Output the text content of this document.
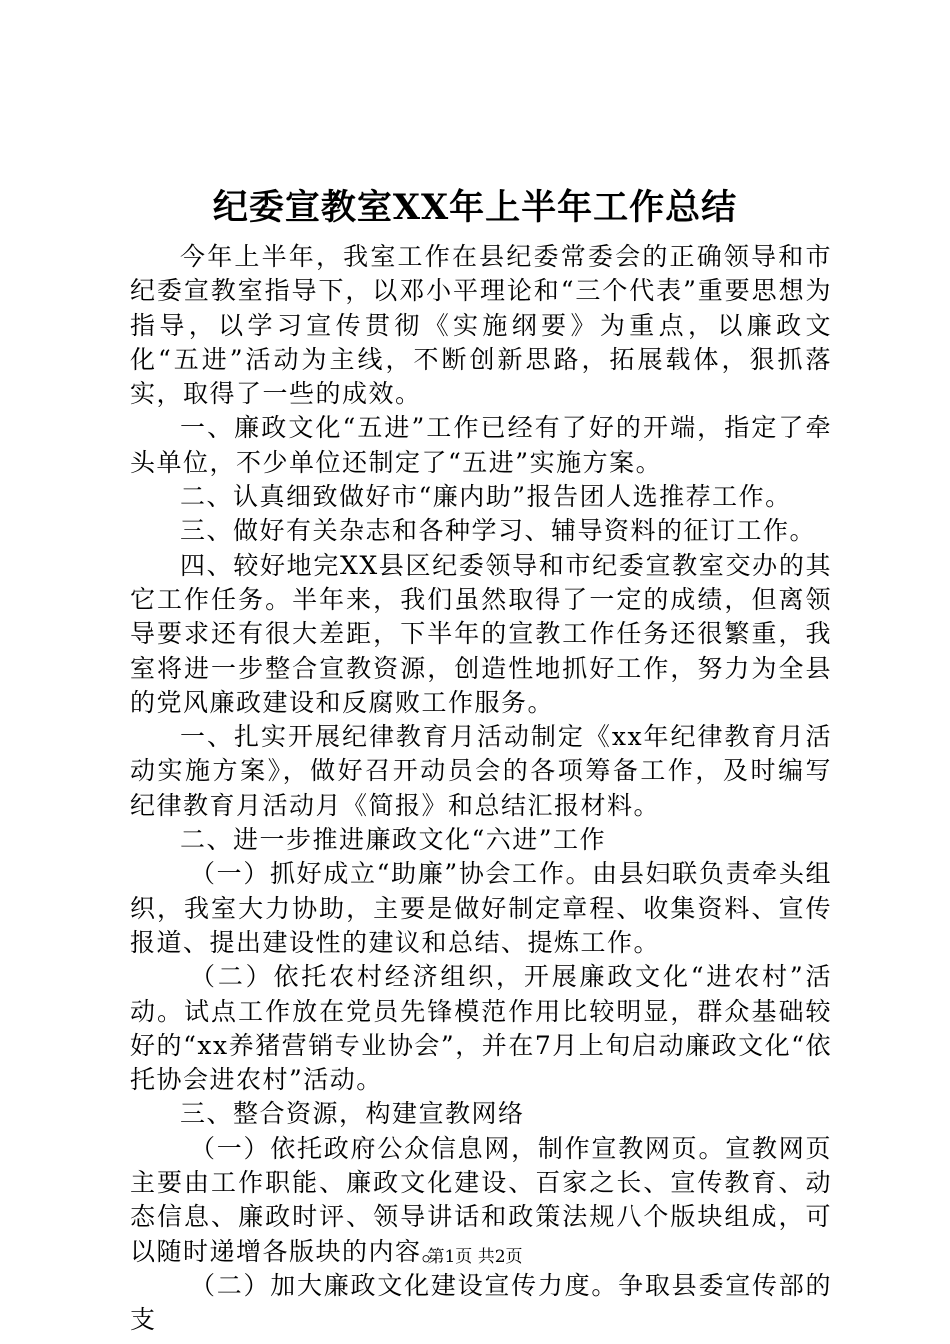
纪委宣教室XX年上半年工作总结

今年上半年，我室工作在县纪委常委会的正确领导和市纪委宣教室指导下，以邓小平理论和“三个代表”重要思想为指导，以学习宣传贯彻《实施纲要》为重点，以廉政文化“五进”活动为主线，不断创新思路，拓展载体，狠抓落实，取得了一些的成效。

一、廉政文化“五进”工作已经有了好的开端，指定了牵头单位，不少单位还制定了“五进”实施方案。

二、认真细致做好市“廉内助”报告团人选推荐工作。

三、做好有关杂志和各种学习、辅导资料的征订工作。

四、较好地完XX县区纪委领导和市纪委宣教室交办的其它工作任务。半年来，我们虽然取得了一定的成绩，但离领导要求还有很大差距，下半年的宣教工作任务还很繁重，我室将进一步整合宣教资源，创造性地抓好工作，努力为全县的党风廉政建设和反腐败工作服务。

一、扎实开展纪律教育月活动制定《xx年纪律教育月活动实施方案》，做好召开动员会的各项筹备工作，及时编写纪律教育月活动月《简报》和总结汇报材料。

二、进一步推进廉政文化“六进”工作

（一）抓好成立“助廉”协会工作。由县妇联负责牵头组织，我室大力协助，主要是做好制定章程、收集资料、宣传报道、提出建设性的建议和总结、提炼工作。

（二）依托农村经济组织，开展廉政文化“进农村”活动。试点工作放在党员先锋模范作用比较明显，群众基础较好的“xx养猪营销专业协会”，并在7月上旬启动廉政文化“依托协会进农村”活动。

三、整合资源，构建宣教网络

（一）依托政府公众信息网，制作宣教网页。宣教网页主要由工作职能、廉政文化建设、百家之长、宣传教育、动态信息、廉政时评、领导讲话和政策法规八个版块组成，可以随时递增各版块的内容。

（二）加大廉政文化建设宣传力度。争取县委宣传部的支

第1页 共2页
